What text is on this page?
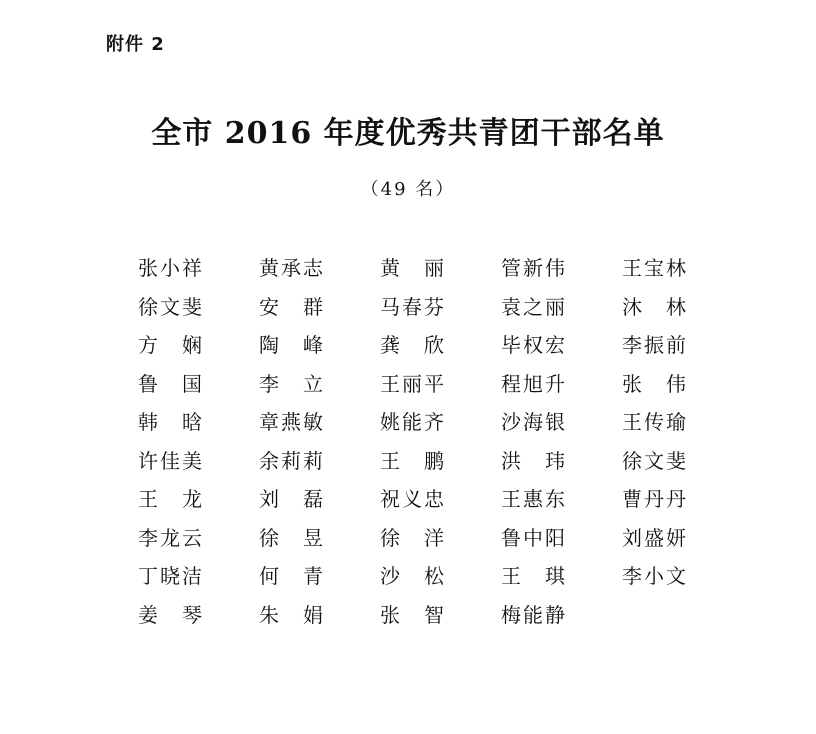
附件 2
全市 2016 年度优秀共青团干部名单
（49 名）
张小祥	黄承志	黄　丽	管新伟	王宝林
徐文斐	安　群	马春芬	袁之丽	沐　林
方　娴	陶　峰	龚　欣	毕权宏	李振前
鲁　国	李　立	王丽平	程旭升	张　伟
韩　晗	章燕敏	姚能齐	沙海银	王传瑜
许佳美	余莉莉	王　鹏	洪　玮	徐文斐
王　龙	刘　磊	祝义忠	王惠东	曹丹丹
李龙云	徐　昱	徐　洋	鲁中阳	刘盛妍
丁晓洁	何　青	沙　松	王　琪	李小文
姜　琴	朱　娟	张　智	梅能静
